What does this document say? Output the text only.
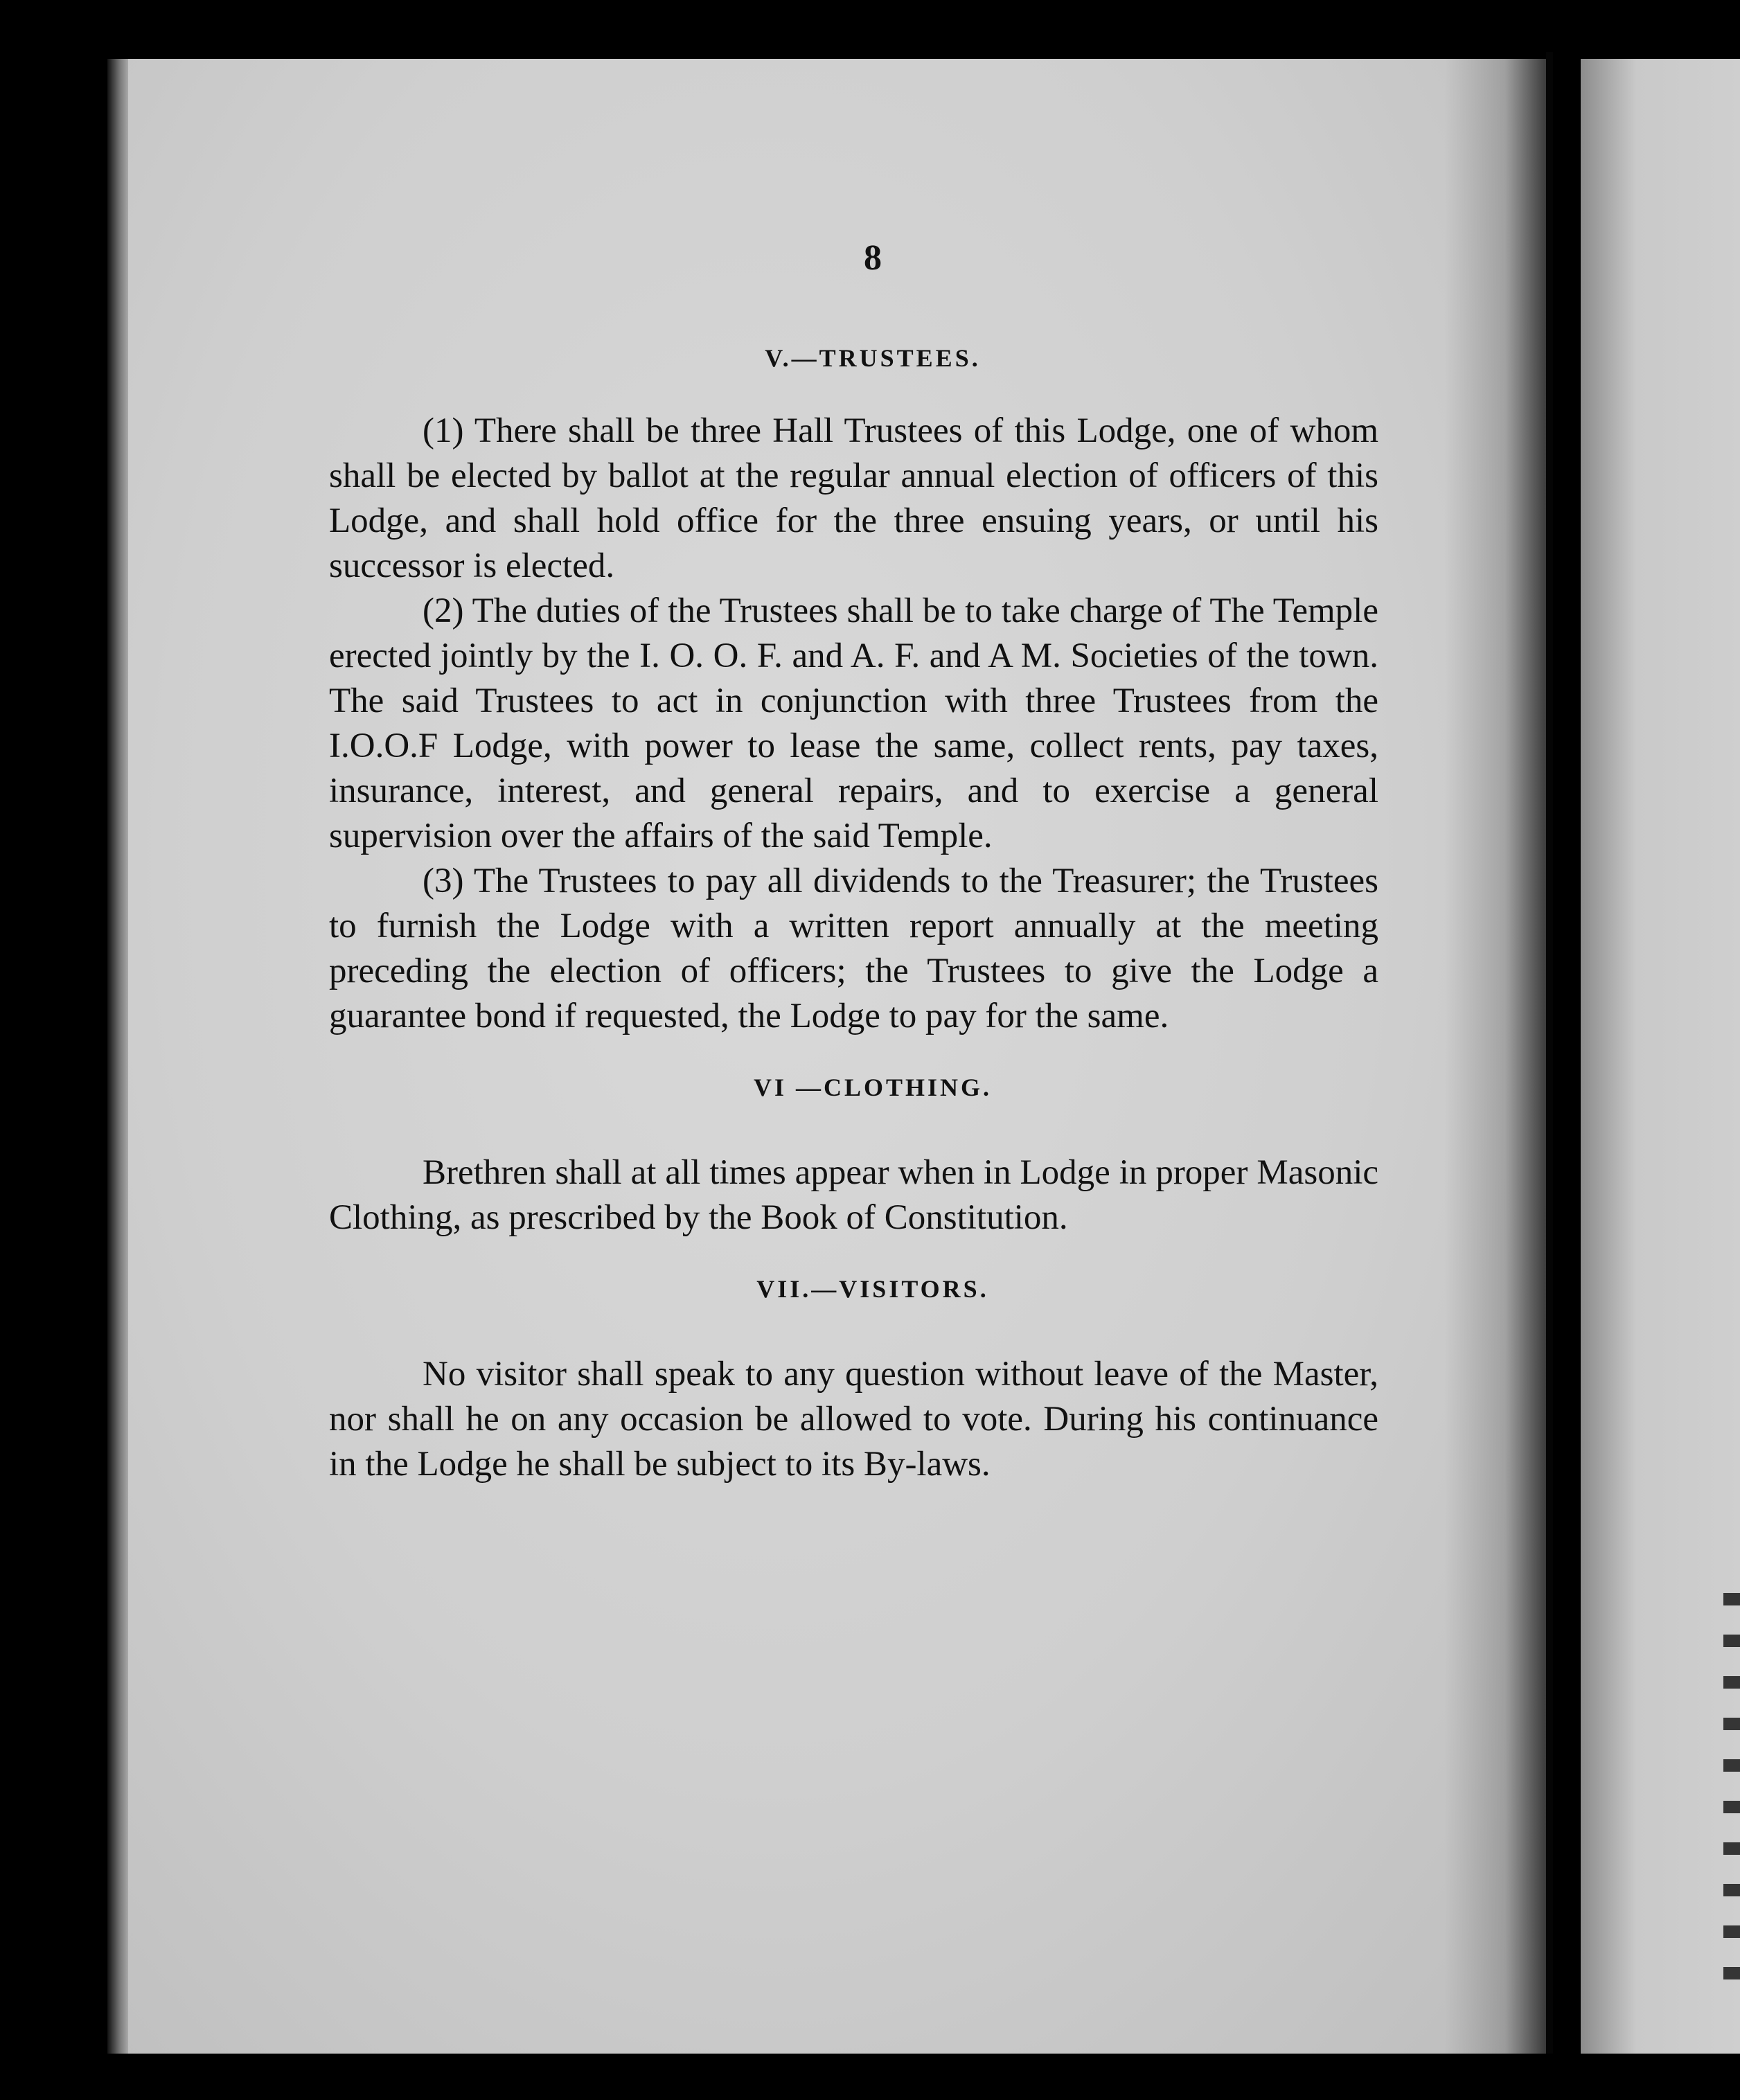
8
V.—TRUSTEES.

(1) There shall be three Hall Trustees of this Lodge, one of whom shall be elected by ballot at the regular annual election of officers of this Lodge, and shall hold office for the three ensuing years, or until his successor is elected.

(2) The duties of the Trustees shall be to take charge of The Temple erected jointly by the I. O. O. F. and A. F. and A M. Societies of the town. The said Trustees to act in conjunction with three Trustees from the I.O.O.F Lodge, with power to lease the same, collect rents, pay taxes, insurance, interest, and general repairs, and to exercise a general supervision over the affairs of the said Temple.

(3) The Trustees to pay all dividends to the Treasurer; the Trustees to furnish the Lodge with a written report annually at the meeting preceding the election of officers; the Trustees to give the Lodge a guarantee bond if requested, the Lodge to pay for the same.

VI —CLOTHING.

Brethren shall at all times appear when in Lodge in proper Masonic Clothing, as prescribed by the Book of Constitution.

VII.—VISITORS.

No visitor shall speak to any question without leave of the Master, nor shall he on any occasion be allowed to vote. During his continuance in the Lodge he shall be subject to its By-laws.
